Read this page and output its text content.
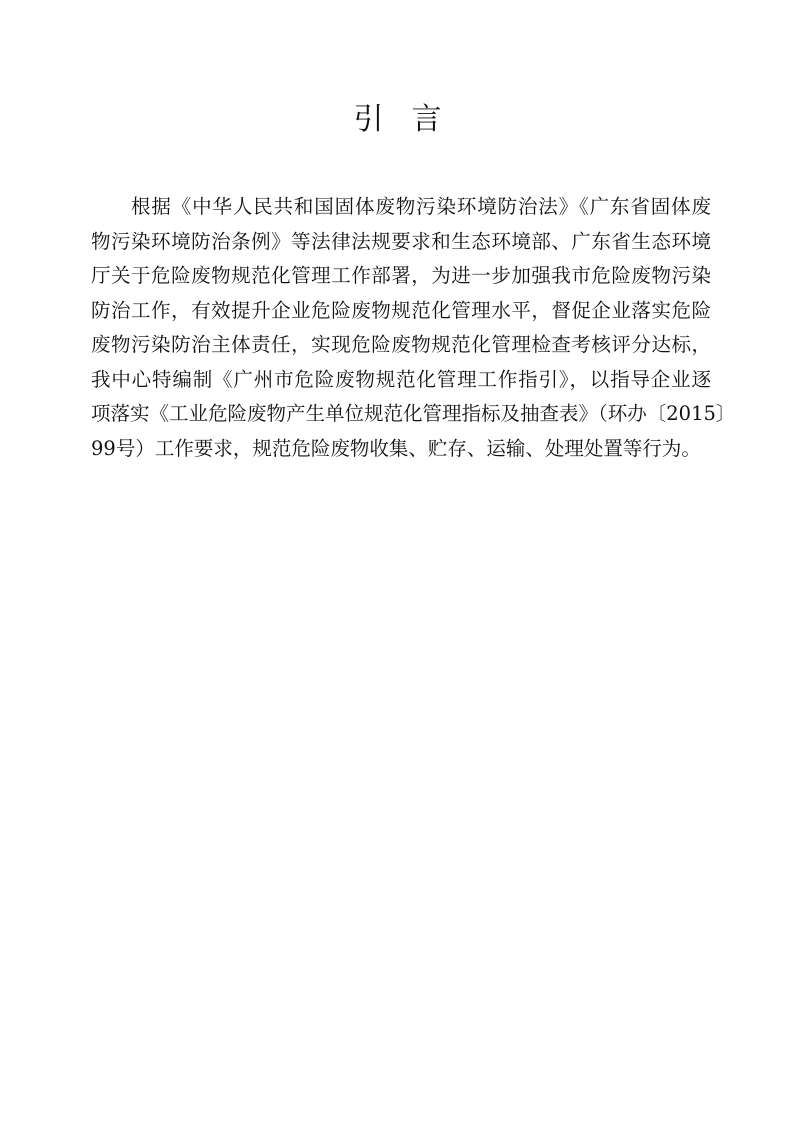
引言
根据《中华人民共和国固体废物污染环境防治法》《广东省固体废
物污染环境防治条例》等法律法规要求和生态环境部、广东省生态环境
厅关于危险废物规范化管理工作部署，为进一步加强我市危险废物污染
防治工作，有效提升企业危险废物规范化管理水平，督促企业落实危险
废物污染防治主体责任，实现危险废物规范化管理检查考核评分达标，
我中心特编制《广州市危险废物规范化管理工作指引》，以指导企业逐
项落实《工业危险废物产生单位规范化管理指标及抽查表》（环办〔2015〕
99号）工作要求，规范危险废物收集、贮存、运输、处理处置等行为。
